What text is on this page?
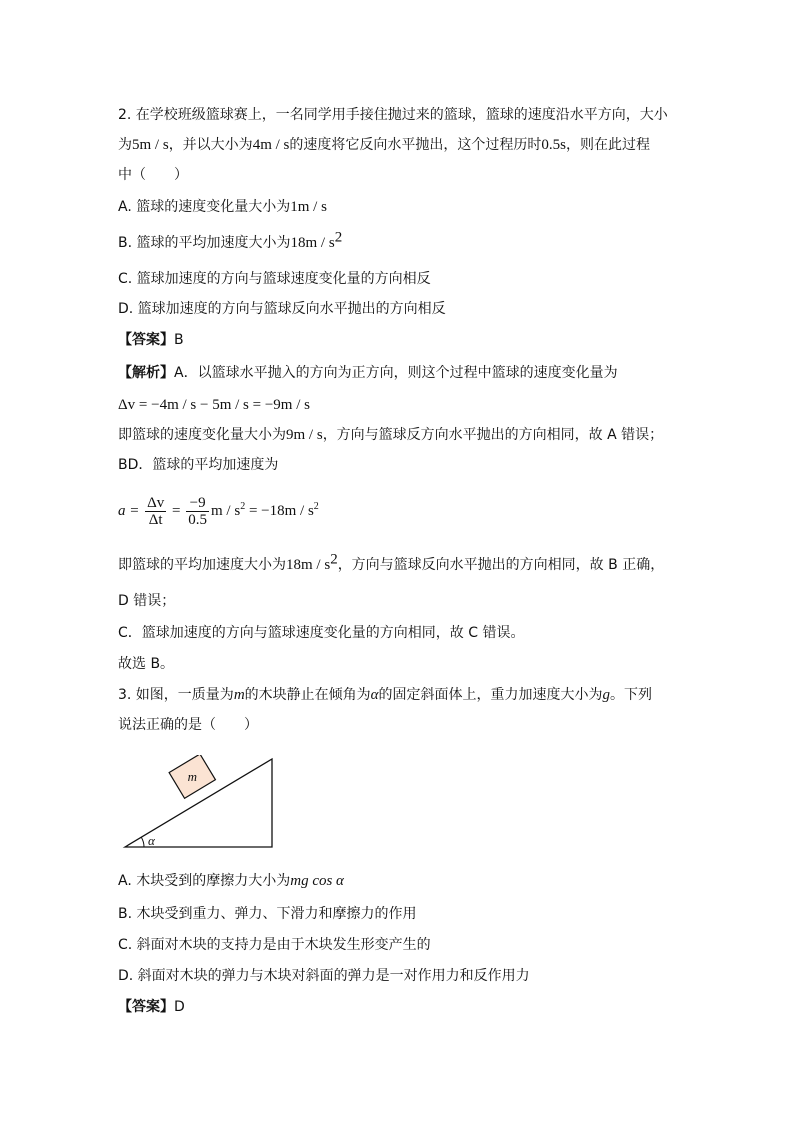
2. 在学校班级篮球赛上，一名同学用手接住抛过来的篮球，篮球的速度沿水平方向，大小
为5m / s，并以大小为4m / s的速度将它反向水平抛出，这个过程历时0.5s，则在此过程
中（　　）
A. 篮球的速度变化量大小为1m / s
B. 篮球的平均加速度大小为$18m / s^2$
C. 篮球加速度的方向与篮球速度变化量的方向相反
D. 篮球加速度的方向与篮球反向水平抛出的方向相反
【答案】B
【解析】A．以篮球水平抛入的方向为正方向，则这个过程中篮球的速度变化量为
Δv = −4m / s − 5m / s = −9m / s
即篮球的速度变化量大小为9m / s，方向与篮球反方向水平抛出的方向相同，故 A 错误；
BD．篮球的平均加速度为
$a = \frac{\Delta v}{\Delta t} = \frac{-9}{0.5}$ $m / s^2 = -18m / s^2$
即篮球的平均加速度大小为$18m / s^2$，方向与篮球反向水平抛出的方向相同，故 B 正确，
D 错误；
C．篮球加速度的方向与篮球速度变化量的方向相同，故 C 错误。
故选 B。
3. 如图，一质量为m的木块静止在倾角为α的固定斜面体上，重力加速度大小为g。下列
说法正确的是（　　）
m
α
A. 木块受到的摩擦力大小为mg cos α
B. 木块受到重力、弹力、下滑力和摩擦力的作用
C. 斜面对木块的支持力是由于木块发生形变产生的
D. 斜面对木块的弹力与木块对斜面的弹力是一对作用力和反作用力
【答案】D
